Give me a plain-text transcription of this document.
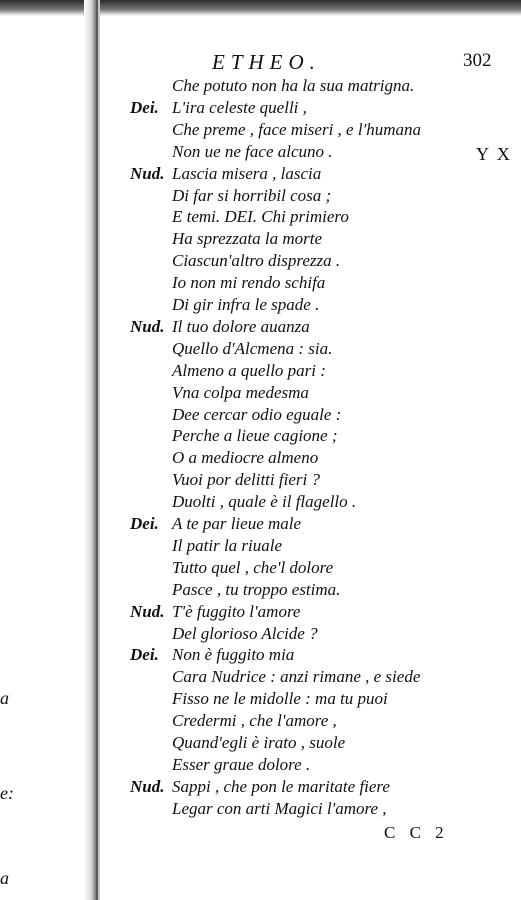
a
e:
a
ETHEO.	302
Y X
Che potuto non ha la sua matrigna.
Dei. L'ira celeste quelli ,
Che preme , face miseri , e l'humana
Non ue ne face alcuno .
Nud. Lascia misera , lascia
Di far si horribil cosa ;
E temi. DEI. Chi primiero
Ha sprezzata la morte
Ciascun'altro disprezza .
Io non mi rendo schifa
Di gir infra le spade .
Nud. Il tuo dolore auanza
Quello d'Alcmena : sia.
Almeno a quello pari :
Vna colpa medesma
Dee cercar odio eguale :
Perche a lieue cagione ;
O a mediocre almeno
Vuoi por delitti fieri ?
Duolti , quale è il flagello .
Dei. A te par lieue male
Il patir la riuale
Tutto quel , che'l dolore
Pasce , tu troppo estima.
Nud. T'è fuggito l'amore
Del glorioso Alcide ?
Dei. Non è fuggito mia
Cara Nudrice : anzi rimane , e siede
Fisso ne le midolle : ma tu puoi
Credermi , che l'amore ,
Quand'egli è irato , suole
Esser graue dolore .
Nud. Sappi , che pon le maritate fiere
Legar con arti Magici l'amore ,
C C 2
